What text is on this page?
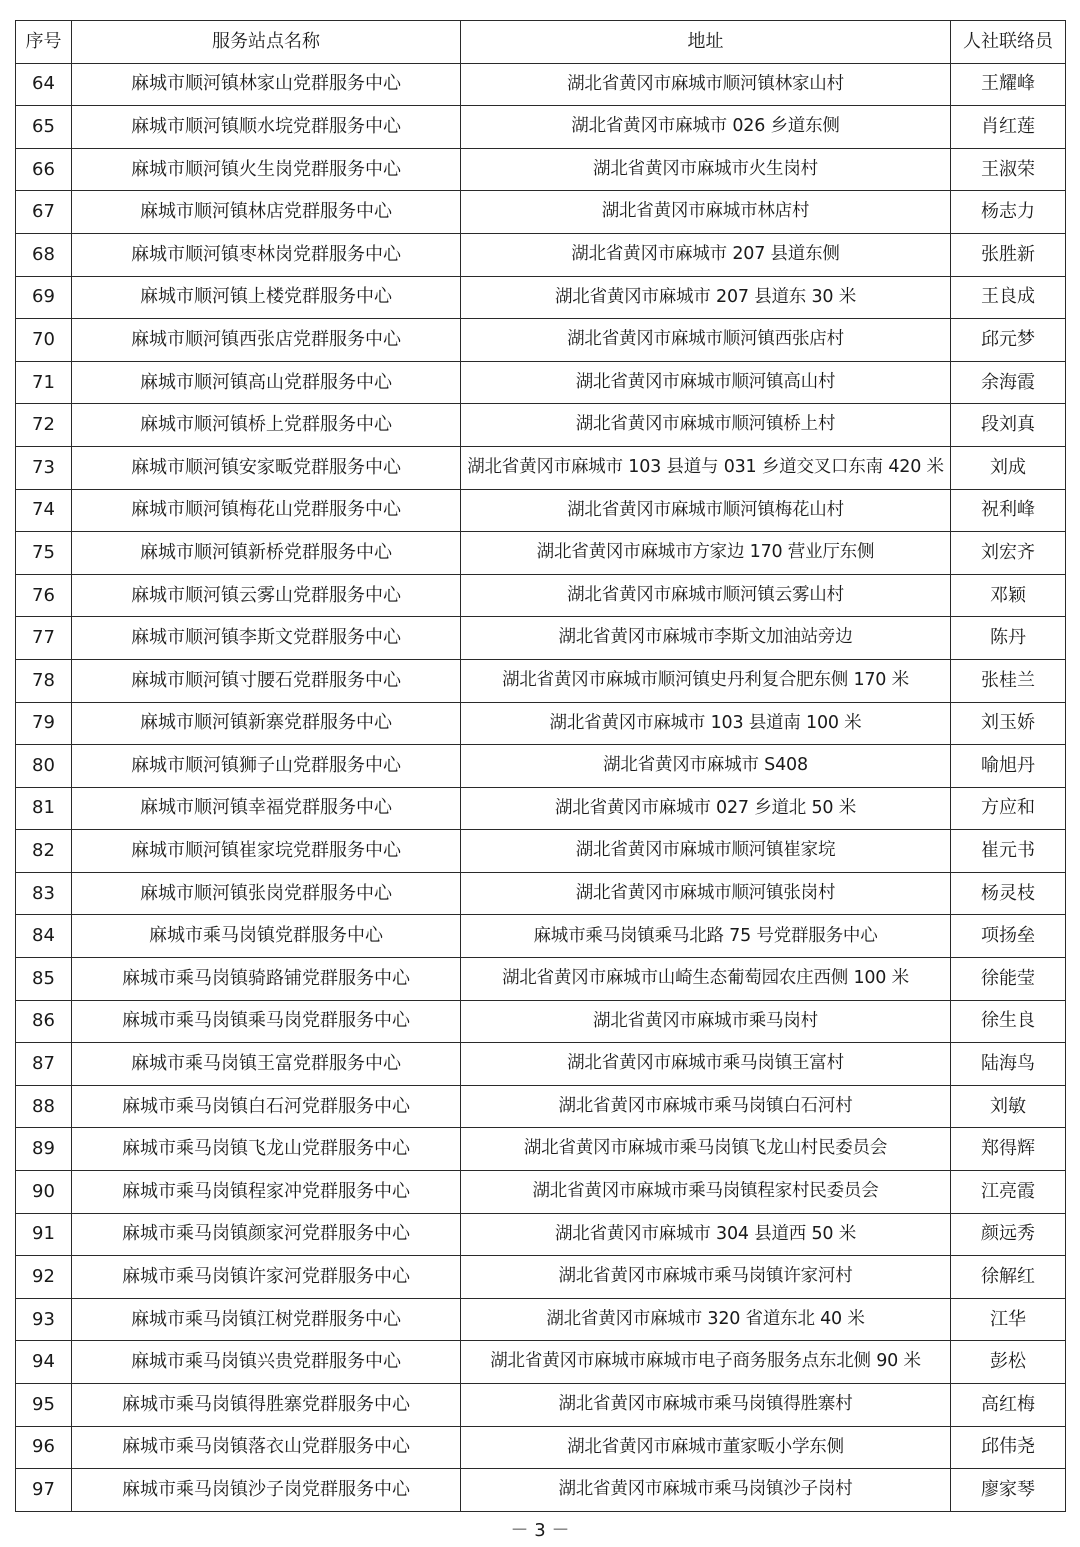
序号	服务站点名称	地址	人社联络员
64	麻城市顺河镇林家山党群服务中心	湖北省黄冈市麻城市顺河镇林家山村	王耀峰
65	麻城市顺河镇顺水垸党群服务中心	湖北省黄冈市麻城市 026 乡道东侧	肖红莲
66	麻城市顺河镇火生岗党群服务中心	湖北省黄冈市麻城市火生岗村	王淑荣
67	麻城市顺河镇林店党群服务中心	湖北省黄冈市麻城市林店村	杨志力
68	麻城市顺河镇枣林岗党群服务中心	湖北省黄冈市麻城市 207 县道东侧	张胜新
69	麻城市顺河镇上楼党群服务中心	湖北省黄冈市麻城市 207 县道东 30 米	王良成
70	麻城市顺河镇西张店党群服务中心	湖北省黄冈市麻城市顺河镇西张店村	邱元梦
71	麻城市顺河镇高山党群服务中心	湖北省黄冈市麻城市顺河镇高山村	余海霞
72	麻城市顺河镇桥上党群服务中心	湖北省黄冈市麻城市顺河镇桥上村	段刘真
73	麻城市顺河镇安家畈党群服务中心	湖北省黄冈市麻城市 103 县道与 031 乡道交叉口东南 420 米	刘成
74	麻城市顺河镇梅花山党群服务中心	湖北省黄冈市麻城市顺河镇梅花山村	祝利峰
75	麻城市顺河镇新桥党群服务中心	湖北省黄冈市麻城市方家边 170 营业厅东侧	刘宏齐
76	麻城市顺河镇云雾山党群服务中心	湖北省黄冈市麻城市顺河镇云雾山村	邓颖
77	麻城市顺河镇李斯文党群服务中心	湖北省黄冈市麻城市李斯文加油站旁边	陈丹
78	麻城市顺河镇寸腰石党群服务中心	湖北省黄冈市麻城市顺河镇史丹利复合肥东侧 170 米	张桂兰
79	麻城市顺河镇新寨党群服务中心	湖北省黄冈市麻城市 103 县道南 100 米	刘玉娇
80	麻城市顺河镇狮子山党群服务中心	湖北省黄冈市麻城市 S408	喻旭丹
81	麻城市顺河镇幸福党群服务中心	湖北省黄冈市麻城市 027 乡道北 50 米	方应和
82	麻城市顺河镇崔家垸党群服务中心	湖北省黄冈市麻城市顺河镇崔家垸	崔元书
83	麻城市顺河镇张岗党群服务中心	湖北省黄冈市麻城市顺河镇张岗村	杨灵枝
84	麻城市乘马岗镇党群服务中心	麻城市乘马岗镇乘马北路 75 号党群服务中心	项扬垒
85	麻城市乘马岗镇骑路铺党群服务中心	湖北省黄冈市麻城市山崎生态葡萄园农庄西侧 100 米	徐能莹
86	麻城市乘马岗镇乘马岗党群服务中心	湖北省黄冈市麻城市乘马岗村	徐生良
87	麻城市乘马岗镇王富党群服务中心	湖北省黄冈市麻城市乘马岗镇王富村	陆海鸟
88	麻城市乘马岗镇白石河党群服务中心	湖北省黄冈市麻城市乘马岗镇白石河村	刘敏
89	麻城市乘马岗镇飞龙山党群服务中心	湖北省黄冈市麻城市乘马岗镇飞龙山村民委员会	郑得辉
90	麻城市乘马岗镇程家冲党群服务中心	湖北省黄冈市麻城市乘马岗镇程家村民委员会	江亮霞
91	麻城市乘马岗镇颜家河党群服务中心	湖北省黄冈市麻城市 304 县道西 50 米	颜远秀
92	麻城市乘马岗镇许家河党群服务中心	湖北省黄冈市麻城市乘马岗镇许家河村	徐解红
93	麻城市乘马岗镇江树党群服务中心	湖北省黄冈市麻城市 320 省道东北 40 米	江华
94	麻城市乘马岗镇兴贵党群服务中心	湖北省黄冈市麻城市麻城市电子商务服务点东北侧 90 米	彭松
95	麻城市乘马岗镇得胜寨党群服务中心	湖北省黄冈市麻城市乘马岗镇得胜寨村	高红梅
96	麻城市乘马岗镇落衣山党群服务中心	湖北省黄冈市麻城市董家畈小学东侧	邱伟尧
97	麻城市乘马岗镇沙子岗党群服务中心	湖北省黄冈市麻城市乘马岗镇沙子岗村	廖家琴
－ 3 －
